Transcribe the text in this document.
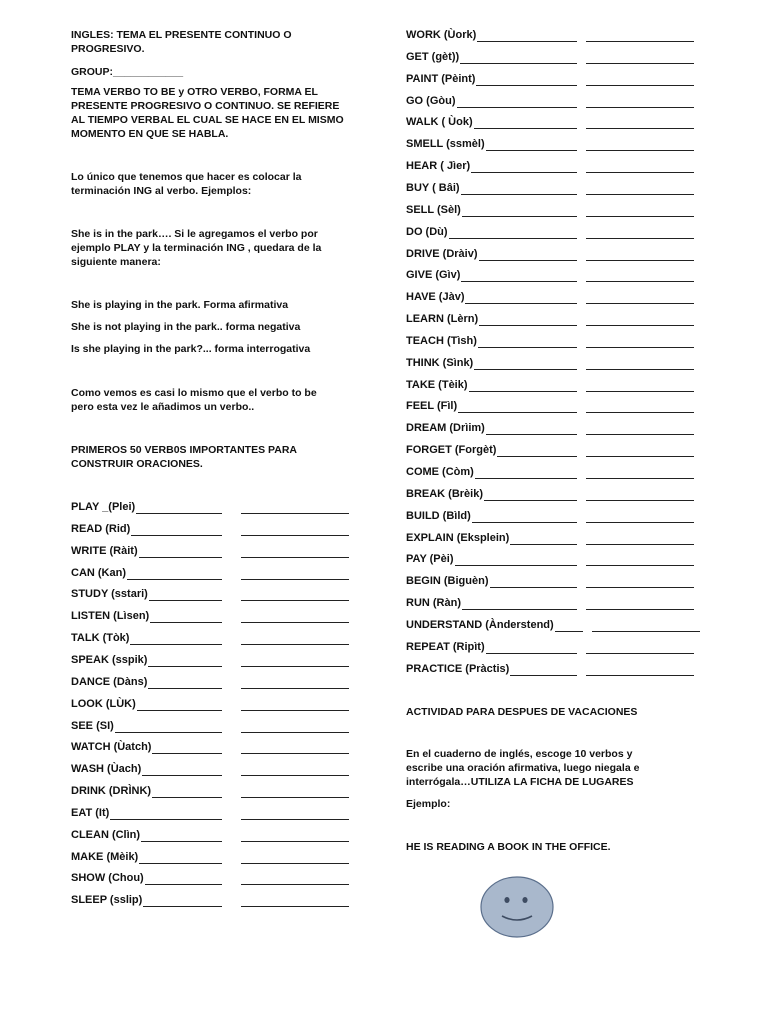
INGLES: TEMA EL PRESENTE CONTINUO O
PROGRESIVO.
GROUP:____________
TEMA VERBO TO BE y OTRO VERBO, FORMA EL
PRESENTE PROGRESIVO O CONTINUO. SE REFIERE
AL TIEMPO VERBAL EL CUAL SE HACE EN EL MISMO
MOMENTO EN QUE SE HABLA.
Lo único que tenemos que hacer es colocar la
terminación ING al verbo. Ejemplos:
She is in the park…. Si le agregamos el verbo por
ejemplo PLAY y la terminación ING , quedara de la
siguiente manera:
She is playing in the park. Forma afirmativa
She is not playing in the park.. forma negativa
Is she playing in the park?... forma interrogativa
Como vemos es casi lo mismo que el verbo to be
pero esta vez le añadimos un verbo..
PRIMEROS 50 VERB0S IMPORTANTES PARA
CONSTRUIR ORACIONES.
PLAY _(Plei)
READ (Rid)
WRITE (Ràit)
CAN (Kan)
STUDY (sstari)
LISTEN (Lìsen)
TALK (Tòk)
SPEAK (sspik)
DANCE (Dàns)
LOOK (LÙK)
SEE (SI)
WATCH (Ùatch)
WASH (Ùach)
DRINK (DRÌNK)
EAT (It)
CLEAN (Clìn)
MAKE (Mèik)
SHOW (Chou)
SLEEP (sslip)
WORK (Ùork)
GET (gèt))
PAINT (Pèint)
GO (Gòu)
WALK ( Ùok)
SMELL (ssmèl)
HEAR ( Jìer)
BUY ( Bâi)
SELL (Sèl)
DO (Dù)
DRIVE (Dràiv)
GIVE (Gìv)
HAVE (Jàv)
LEARN (Lèrn)
TEACH (Tìsh)
THINK (Sìnk)
TAKE (Tèik)
FEEL (Fìl)
DREAM (Drìim)
FORGET (Forgèt)
COME (Còm)
BREAK (Brèik)
BUILD (Bìld)
EXPLAIN (Eksplein)
PAY (Pèi)
BEGIN (Biguèn)
RUN (Ràn)
UNDERSTAND (Ànderstend)
REPEAT (Ripìt)
PRACTICE (Pràctis)
ACTIVIDAD PARA DESPUES DE VACACIONES
En el cuaderno de inglés, escoge 10 verbos y
escribe una oración afirmativa, luego niegala e
interrógala…UTILIZA LA FICHA DE LUGARES
Ejemplo:
HE IS READING A BOOK IN THE OFFICE.
